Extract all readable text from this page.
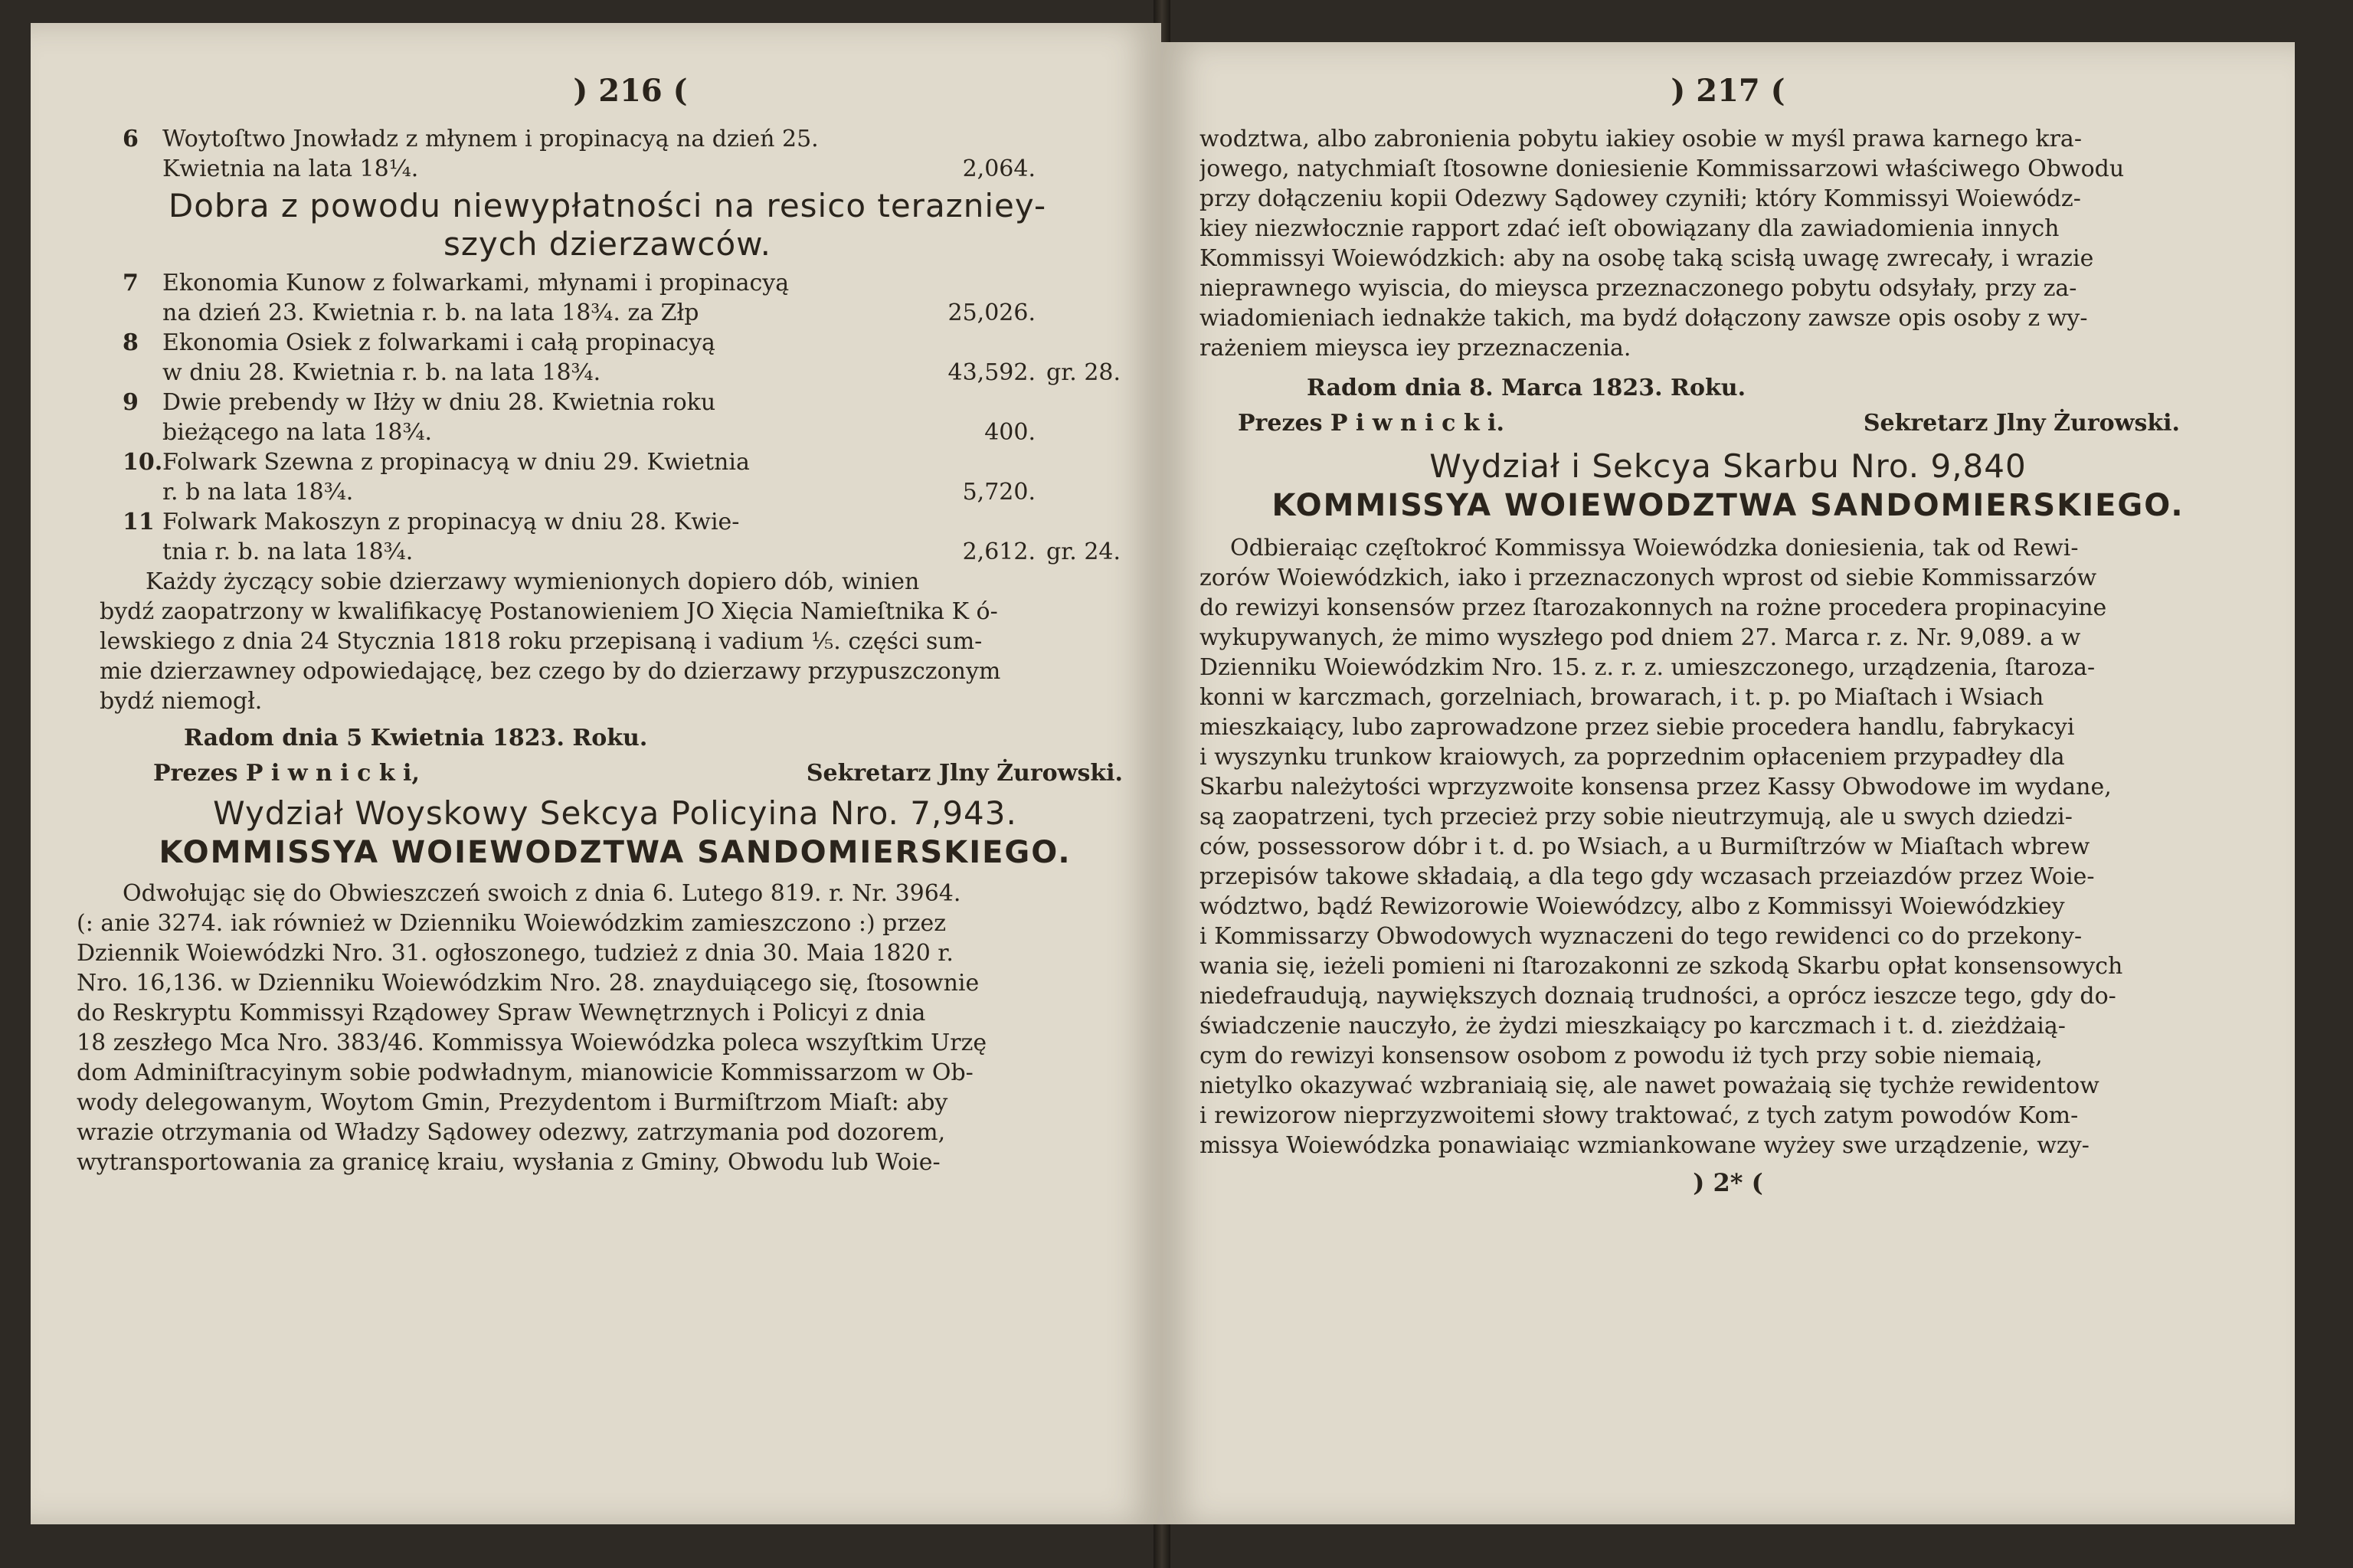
) 216 (
6	Woytoſtwo Jnowładz z młynem i propinacyą na dzień 25.
Kwietnia na lata 18¼.	2,064.
Dobra z powodu niewypłatności na resico terazniey-
szych dzierzawców.
7	Ekonomia Kunow z folwarkami, młynami i propinacyą
na dzień 23. Kwietnia r. b. na lata 18¾. za Złp	25,026.
8	Ekonomia Osiek z folwarkami i całą propinacyą
w dniu 28. Kwietnia r. b. na lata 18¾.	43,592. gr. 28.
9	Dwie prebendy w Iłży w dniu 28. Kwietnia roku
bieżącego na lata 18¾.	400.
10. Folwark Szewna z propinacyą w dniu 29. Kwietnia
r. b na lata 18¾.	5,720.
11 Folwark Makoszyn z propinacyą w dniu 28. Kwie-
tnia r. b. na lata 18¾.	2,612. gr. 24.
Każdy życzący sobie dzierzawy wymienionych dopiero dób, winien
bydź zaopatrzony w kwalifikacyę Postanowieniem JO Xięcia Namieſtnika K ó-
lewskiego z dnia 24 Stycznia 1818 roku przepisaną i vadium ⅕. części sum-
mie dzierzawney odpowiedającę, bez czego by do dzierzawy przypuszczonym
bydź niemogł.
Radom dnia 5 Kwietnia 1823. Roku.
Prezes P i w n i c k i,	Sekretarz Jlny Żurowski.
Wydział Woyskowy Sekcya Policyina Nro. 7,943.
KOMMISSYA WOIEWODZTWA SANDOMIERSKIEGO.
Odwołując się do Obwieszczeń swoich z dnia 6. Lutego 819. r. Nr. 3964.
(: anie 3274. iak również w Dzienniku Woiewódzkim zamieszczono :) przez
Dziennik Woiewódzki Nro. 31. ogłoszonego, tudzież z dnia 30. Maia 1820 r.
Nro. 16,136. w Dzienniku Woiewódzkim Nro. 28. znayduiącego się, ſtosownie
do Reskryptu Kommissyi Rządowey Spraw Wewnętrznych i Policyi z dnia
18 zeszłego Mca Nro. 383/46. Kommissya Woiewódzka poleca wszyſtkim Urzę
dom Adminiſtracyinym sobie podwładnym, mianowicie Kommissarzom w Ob-
wody delegowanym, Woytom Gmin, Prezydentom i Burmiſtrzom Miaſt: aby
wrazie otrzymania od Władzy Sądowey odezwy, zatrzymania pod dozorem,
wytransportowania za granicę kraiu, wysłania z Gminy, Obwodu lub Woie-
) 217 (
wodztwa, albo zabronienia pobytu iakiey osobie w myśl prawa karnego kra-
jowego, natychmiaſt ſtosowne doniesienie Kommissarzowi właściwego Obwodu
przy dołączeniu kopii Odezwy Sądowey czyniłi; który Kommissyi Woiewódz-
kiey niezwłocznie rapport zdać ieſt obowiązany dla zawiadomienia innych
Kommissyi Woiewódzkich: aby na osobę taką scisłą uwagę zwrecały, i wrazie
nieprawnego wyiscia, do mieysca przeznaczonego pobytu odsyłały, przy za-
wiadomieniach iednakże takich, ma bydź dołączony zawsze opis osoby z wy-
rażeniem mieysca iey przeznaczenia.
Radom dnia 8. Marca 1823. Roku.
Prezes P i w n i c k i.	Sekretarz Jlny Żurowski.
Wydział i Sekcya Skarbu Nro. 9,840
KOMMISSYA WOIEWODZTWA SANDOMIERSKIEGO.
Odbieraiąc częſtokroć Kommissya Woiewódzka doniesienia, tak od Rewi-
zorów Woiewódzkich, iako i przeznaczonych wprost od siebie Kommissarzów
do rewizyi konsensów przez ſtarozakonnych na rożne procedera propinacyine
wykupywanych, że mimo wyszłego pod dniem 27. Marca r. z. Nr. 9,089. a w
Dzienniku Woiewódzkim Nro. 15. z. r. z. umieszczonego, urządzenia, ſtaroza-
konni w karczmach, gorzelniach, browarach, i t. p. po Miaſtach i Wsiach
mieszkaiący, lubo zaprowadzone przez siebie procedera handlu, fabrykacyi
i wyszynku trunkow kraiowych, za poprzednim opłaceniem przypadłey dla
Skarbu należytości wprzyzwoite konsensa przez Kassy Obwodowe im wydane,
są zaopatrzeni, tych przecież przy sobie nieutrzymują, ale u swych dziedzi-
ców, possessorow dóbr i t. d. po Wsiach, a u Burmiſtrzów w Miaſtach wbrew
przepisów takowe składaią, a dla tego gdy wczasach przeiazdów przez Woie-
wództwo, bądź Rewizorowie Woiewódzcy, albo z Kommissyi Woiewódzkiey
i Kommissarzy Obwodowych wyznaczeni do tego rewidenci co do przekony-
wania się, ieżeli pomieni ni ſtarozakonni ze szkodą Skarbu opłat konsensowych
niedefraudują, naywiększych doznaią trudności, a oprócz ieszcze tego, gdy do-
świadczenie nauczyło, że żydzi mieszkaiący po karczmach i t. d. zieżdżaią-
cym do rewizyi konsensow osobom z powodu iż tych przy sobie niemaią,
nietylko okazywać wzbraniaią się, ale nawet poważaią się tychże rewidentow
i rewizorow nieprzyzwoitemi słowy traktować, z tych zatym powodów Kom-
missya Woiewódzka ponawiaiąc wzmiankowane wyżey swe urządzenie, wzy-
) 2* (
